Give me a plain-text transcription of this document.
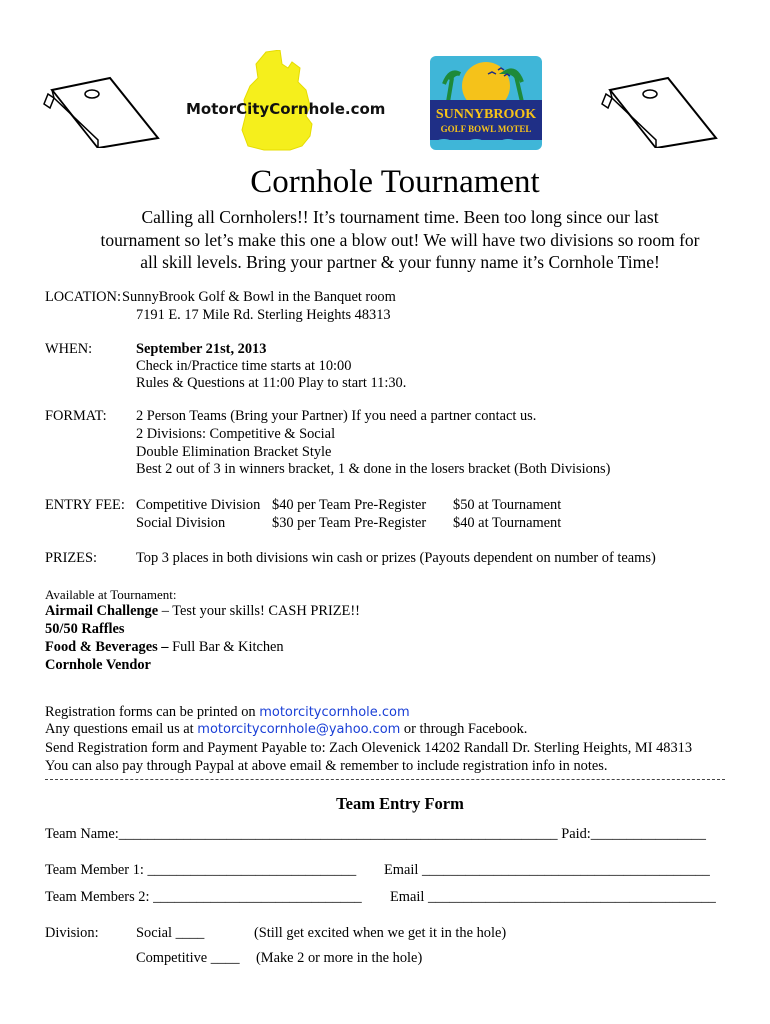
MotorCityCornhole.com	SUNNYBROOK
GOLF BOWL MOTEL
Cornhole Tournament
Calling all Cornholers!! It’s tournament time. Been too long since our last
tournament so let’s make this one a blow out! We will have two divisions so room for
all skill levels. Bring your partner & your funny name it’s Cornhole Time!
LOCATION: SunnyBrook Golf & Bowl in the Banquet room
7191 E. 17 Mile Rd. Sterling Heights 48313
WHEN:	September 21st, 2013
Check in/Practice time starts at 10:00
Rules & Questions at 11:00 Play to start 11:30.
FORMAT: 2 Person Teams (Bring your Partner) If you need a partner contact us.
2 Divisions: Competitive & Social
Double Elimination Bracket Style
Best 2 out of 3 in winners bracket, 1 & done in the losers bracket (Both Divisions)
ENTRY FEE: Competitive Division $40 per Team Pre-Register $50 at Tournament
Social Division	$30 per Team Pre-Register $40 at Tournament
PRIZES:	Top 3 places in both divisions win cash or prizes (Payouts dependent on number of teams)
Available at Tournament:
Airmail Challenge – Test your skills! CASH PRIZE!!
50/50 Raffles
Food & Beverages – Full Bar & Kitchen
Cornhole Vendor
Registration forms can be printed on motorcitycornhole.com
Any questions email us at motorcitycornhole@yahoo.com or through Facebook.
Send Registration form and Payment Payable to: Zach Olevenick 14202 Randall Dr. Sterling Heights, MI 48313
You can also pay through Paypal at above email & remember to include registration info in notes.
Team Entry Form
Team Name:_____________________________________________________________ Paid:________________
Team Member 1: _____________________________ Email ________________________________________
Team Members 2: _____________________________ Email ________________________________________
Division:	Social ____	(Still get excited when we get it in the hole)
Competitive ____ (Make 2 or more in the hole)
